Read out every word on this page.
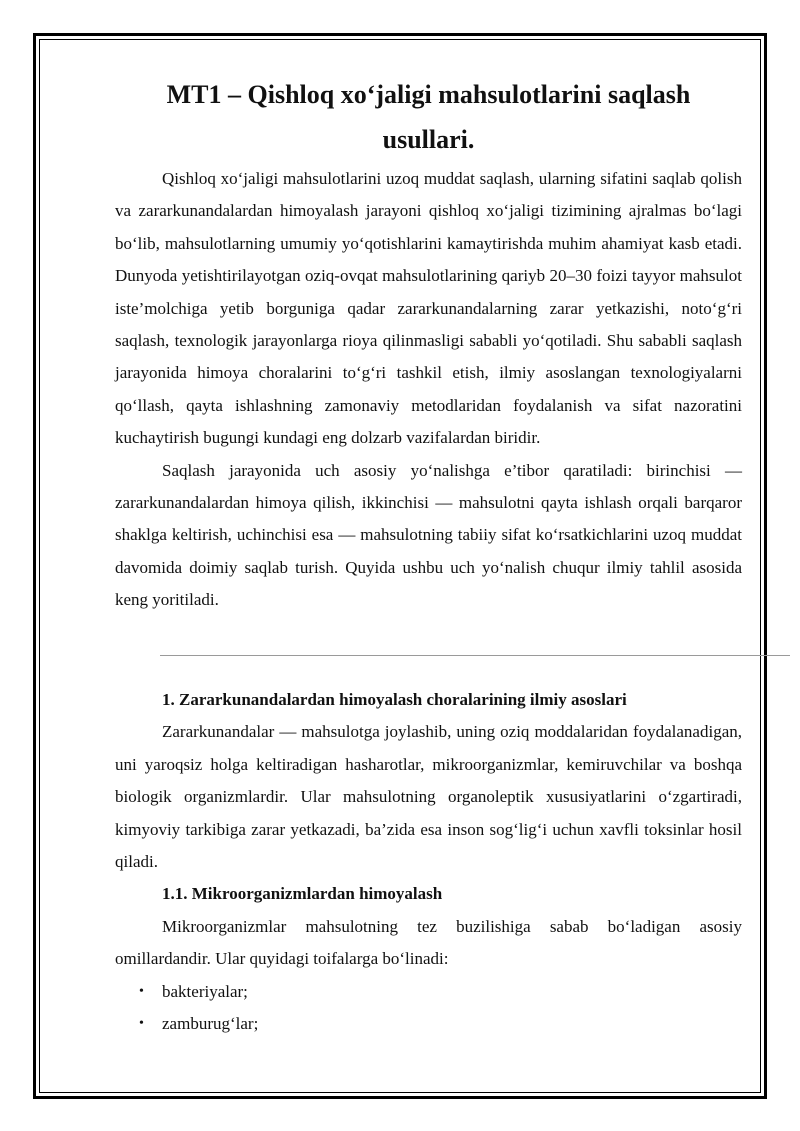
MT1 – Qishloq xo‘jaligi mahsulotlarini saqlash usullari.

Qishloq xo‘jaligi mahsulotlarini uzoq muddat saqlash, ularning sifatini saqlab qolish va zararkunandalardan himoyalash jarayoni qishloq xo‘jaligi tizimining ajralmas bo‘lagi bo‘lib, mahsulotlarning umumiy yo‘qotishlarini kamaytirishda muhim ahamiyat kasb etadi. Dunyoda yetishtirilayotgan oziq-ovqat mahsulotlarining qariyb 20–30 foizi tayyor mahsulot iste’molchiga yetib borguniga qadar zararkunandalarning zarar yetkazishi, noto‘g‘ri saqlash, texnologik jarayonlarga rioya qilinmasligi sababli yo‘qotiladi. Shu sababli saqlash jarayonida himoya choralarini to‘g‘ri tashkil etish, ilmiy asoslangan texnologiyalarni qo‘llash, qayta ishlashning zamonaviy metodlaridan foydalanish va sifat nazoratini kuchaytirish bugungi kundagi eng dolzarb vazifalardan biridir.

Saqlash jarayonida uch asosiy yo‘nalishga e’tibor qaratiladi: birinchisi — zararkunandalardan himoya qilish, ikkinchisi — mahsulotni qayta ishlash orqali barqaror shaklga keltirish, uchinchisi esa — mahsulotning tabiiy sifat ko‘rsatkichlarini uzoq muddat davomida doimiy saqlab turish. Quyida ushbu uch yo‘nalish chuqur ilmiy tahlil asosida keng yoritiladi.

1. Zararkunandalardan himoyalash choralarining ilmiy asoslari

Zararkunandalar — mahsulotga joylashib, uning oziq moddalaridan foydalanadigan, uni yaroqsiz holga keltiradigan hasharotlar, mikroorganizmlar, kemiruvchilar va boshqa biologik organizmlardir. Ular mahsulotning organoleptik xususiyatlarini o‘zgartiradi, kimyoviy tarkibiga zarar yetkazadi, ba’zida esa inson sog‘lig‘i uchun xavfli toksinlar hosil qiladi.

1.1. Mikroorganizmlardan himoyalash

Mikroorganizmlar mahsulotning tez buzilishiga sabab bo‘ladigan asosiy omillardandir. Ular quyidagi toifalarga bo‘linadi:

• bakteriyalar;
• zamburug‘lar;
